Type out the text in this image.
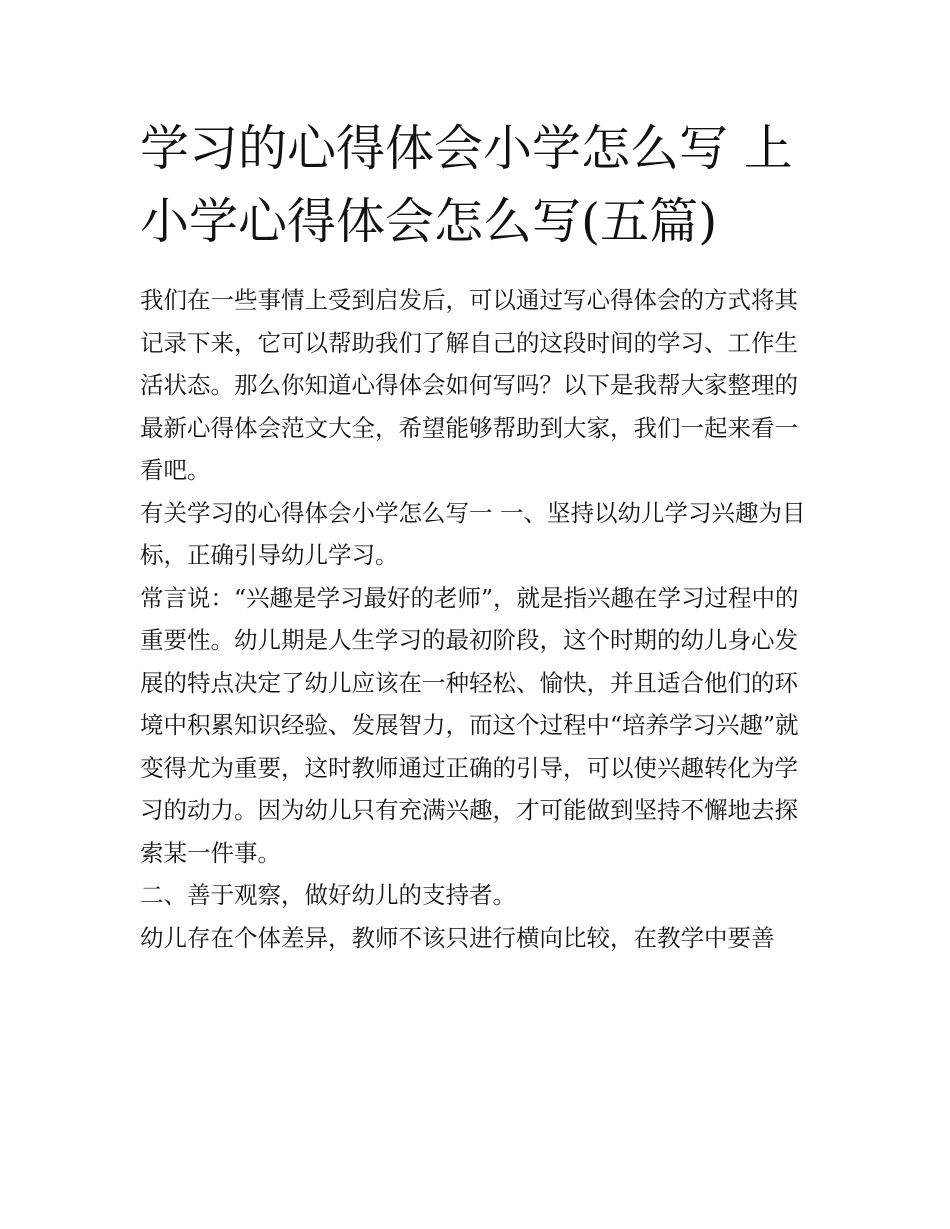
学习的心得体会小学怎么写 上小学心得体会怎么写(五篇)

我们在一些事情上受到启发后，可以通过写心得体会的方式将其记录下来，它可以帮助我们了解自己的这段时间的学习、工作生活状态。那么你知道心得体会如何写吗？以下是我帮大家整理的最新心得体会范文大全，希望能够帮助到大家，我们一起来看一看吧。

有关学习的心得体会小学怎么写一 一、坚持以幼儿学习兴趣为目标，正确引导幼儿学习。

常言说：“兴趣是学习最好的老师”，就是指兴趣在学习过程中的重要性。幼儿期是人生学习的最初阶段，这个时期的幼儿身心发展的特点决定了幼儿应该在一种轻松、愉快，并且适合他们的环境中积累知识经验、发展智力，而这个过程中“培养学习兴趣”就变得尤为重要，这时教师通过正确的引导，可以使兴趣转化为学习的动力。因为幼儿只有充满兴趣，才可能做到坚持不懈地去探索某一件事。

二、善于观察，做好幼儿的支持者。

幼儿存在个体差异，教师不该只进行横向比较，在教学中要善
